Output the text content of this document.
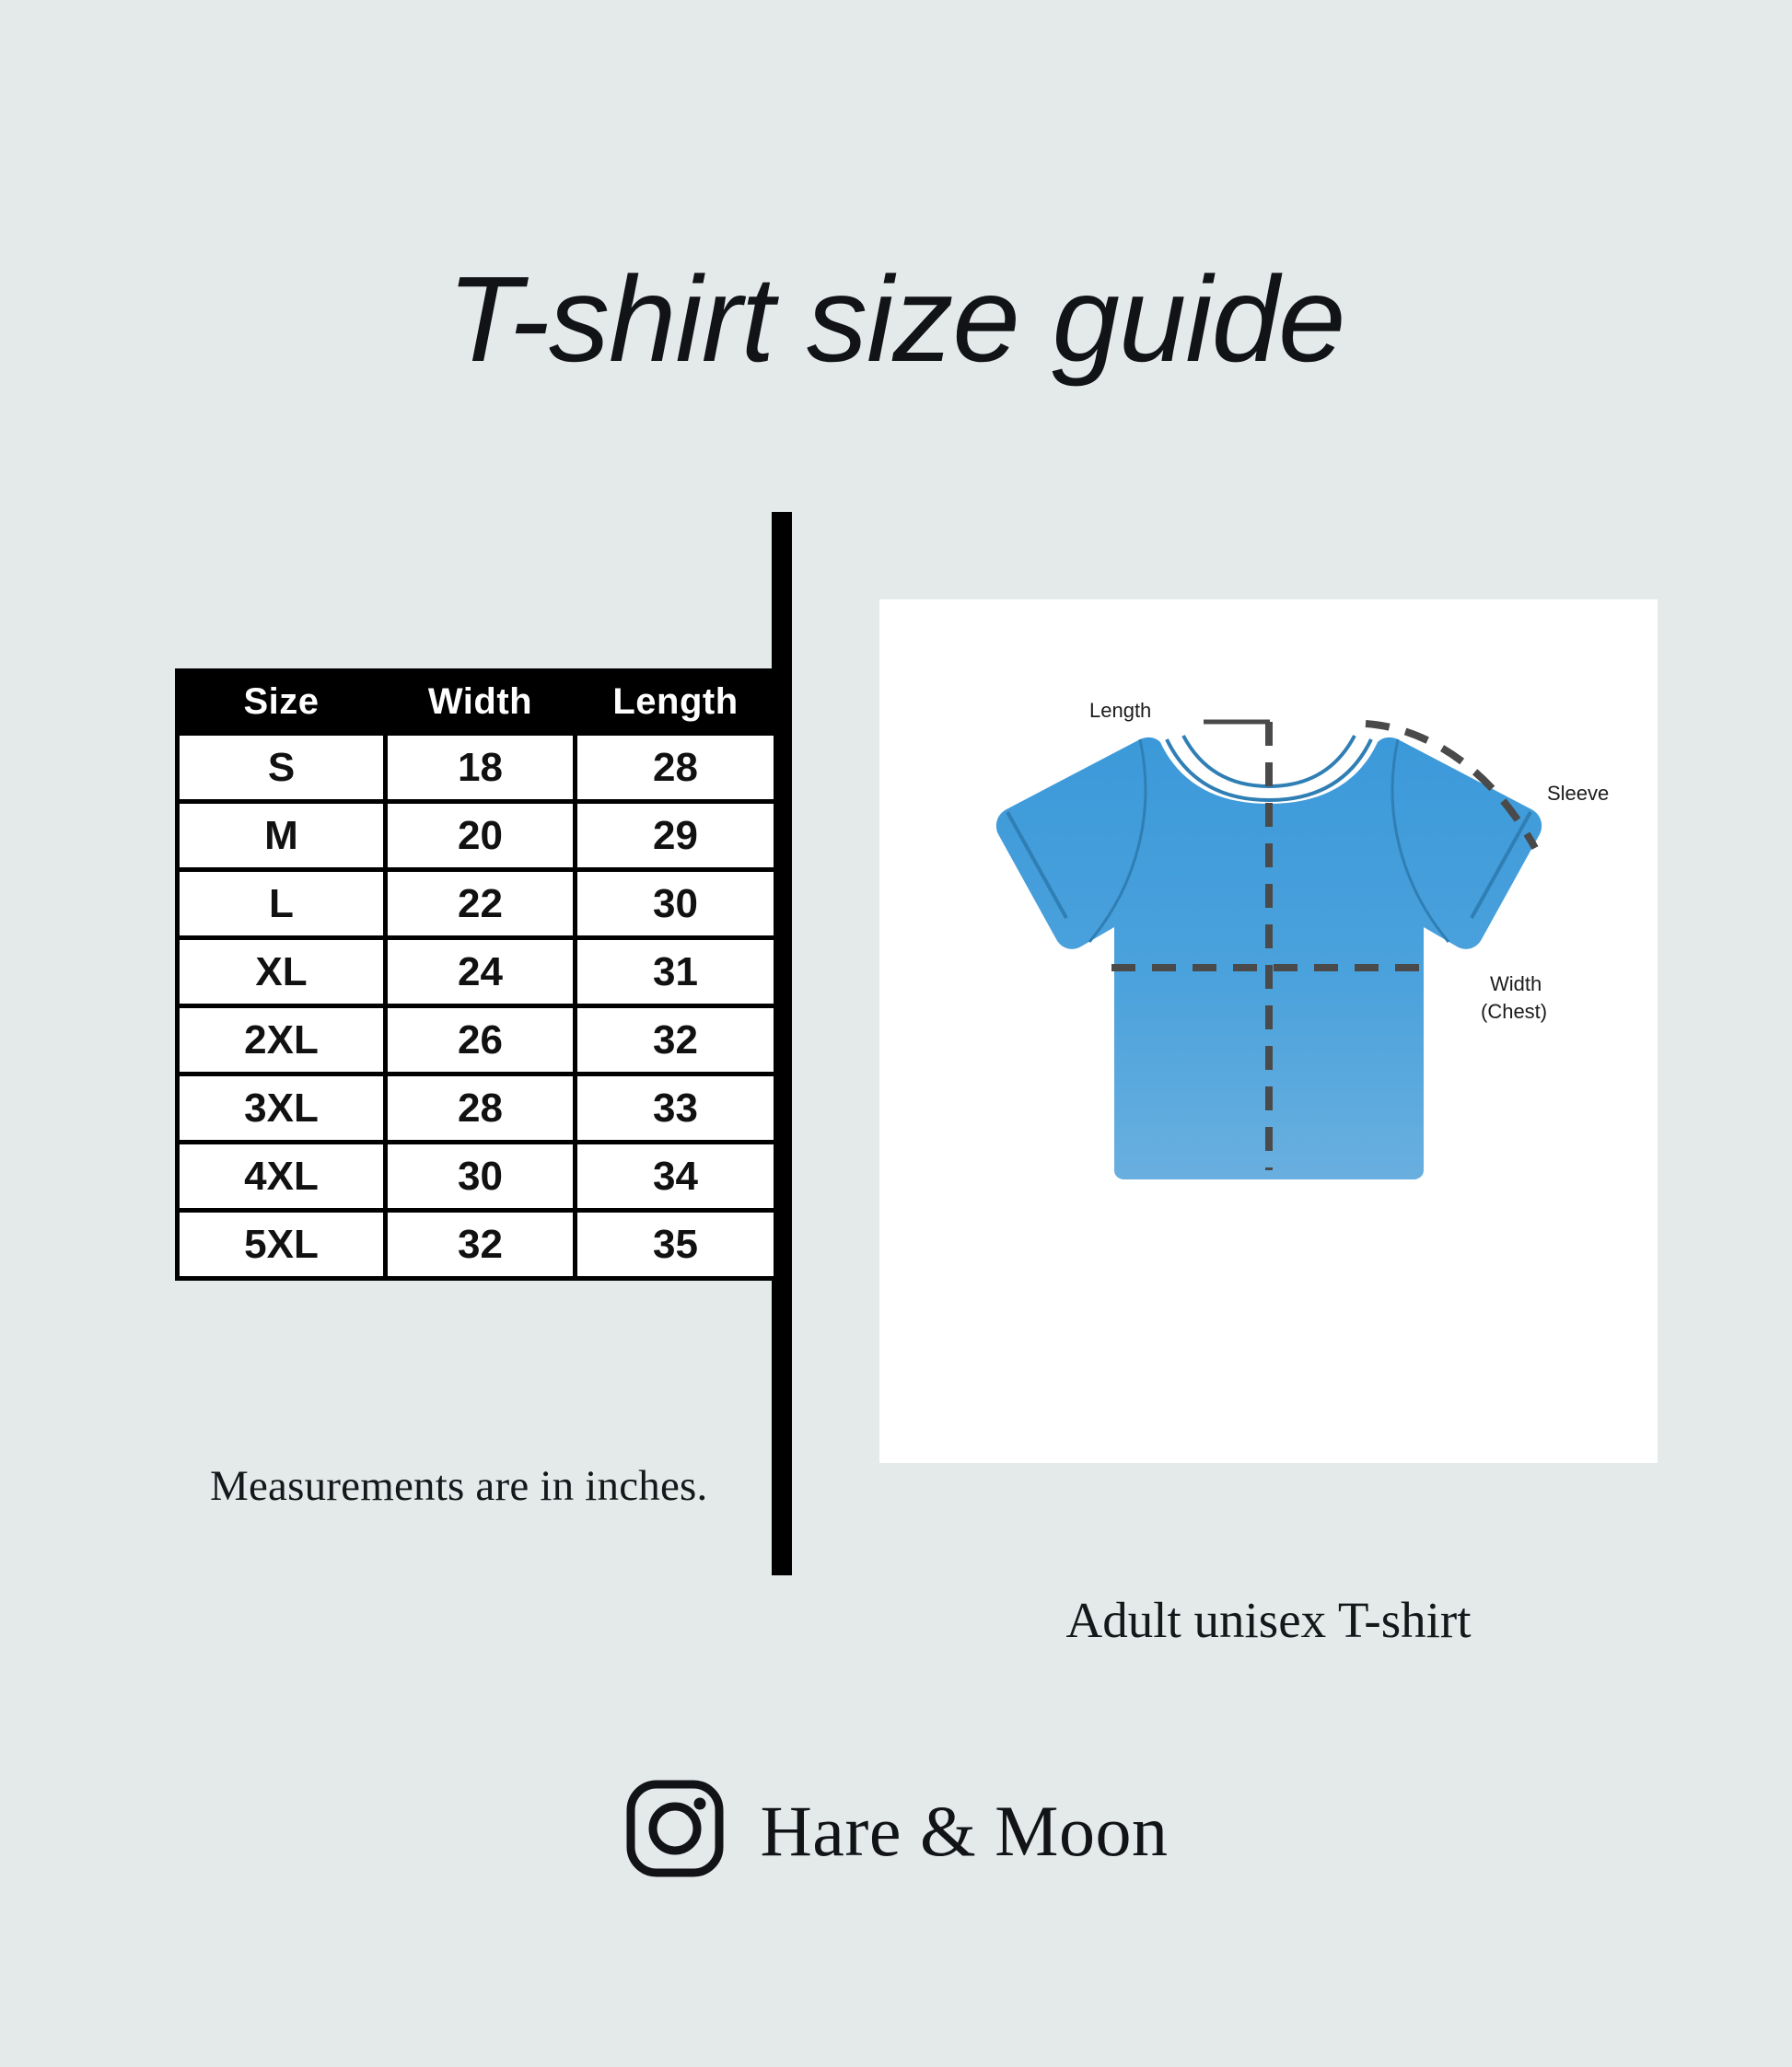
T-shirt size guide
Size	Width	Length
S	18	28
M	20	29
L	22	30
XL	24	31
2XL	26	32
3XL	28	33
4XL	30	34
5XL	32	35
Measurements are in inches.
Length
Sleeve
Width
(Chest)
Adult unisex T-shirt
Hare & Moon
